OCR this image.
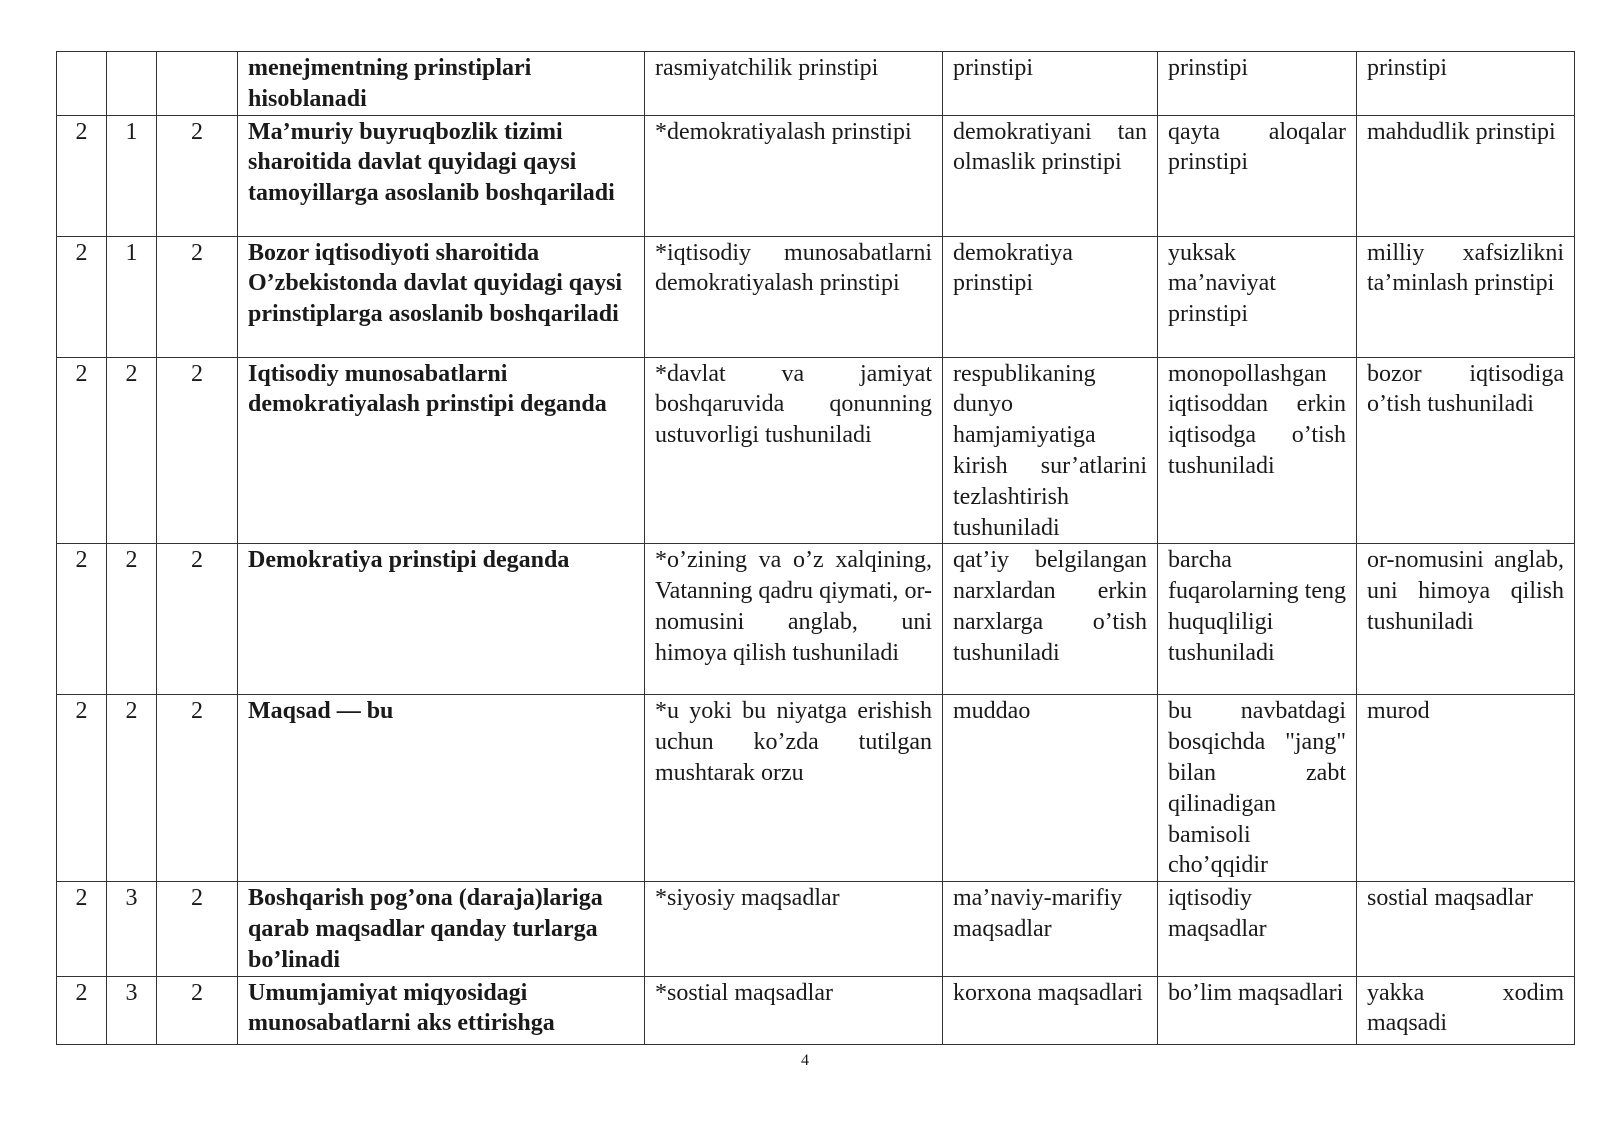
			menejmentning prinstiplari hisoblanadi	rasmiyatchilik prinstipi	prinstipi	prinstipi	prinstipi
2	1	2	Ma’muriy buyruqbozlik tizimi sharoitida davlat quyidagi qaysi tamoyillarga asoslanib boshqariladi	*demokratiyalash prinstipi	demokratiyani tan olmaslik prinstipi	qayta aloqalar prinstipi	mahdudlik prinstipi
2	1	2	Bozor iqtisodiyoti sharoitida O’zbekistonda davlat quyidagi qaysi prinstiplarga asoslanib boshqariladi	*iqtisodiy munosabatlarni demokratiyalash prinstipi	demokratiya prinstipi	yuksak ma’naviyat prinstipi	milliy xafsizlikni ta’minlash prinstipi
2	2	2	Iqtisodiy munosabatlarni demokratiyalash prinstipi deganda	*davlat va jamiyat boshqaruvida qonunning ustuvorligi tushuniladi	respublikaning dunyo hamjamiyatiga kirish sur’atlarini tezlashtirish tushuniladi	monopollashgan iqtisoddan erkin iqtisodga o’tish tushuniladi	bozor iqtisodiga o’tish tushuniladi
2	2	2	Demokratiya prinstipi deganda	*o’zining va o’z xalqining, Vatanning qadru qiymati, or-nomusini anglab, uni himoya qilish tushuniladi	qat’iy belgilangan narxlardan erkin narxlarga o’tish tushuniladi	barcha fuqarolarning teng huquqliligi tushuniladi	or-nomusini anglab, uni himoya qilish tushuniladi
2	2	2	Maqsad — bu	*u yoki bu niyatga erishish uchun ko’zda tutilgan mushtarak orzu	muddao	bu navbatdagi bosqichda "jang" bilan zabt qilinadigan bamisoli cho’qqidir	murod
2	3	2	Boshqarish pog’ona (daraja)lariga qarab maqsadlar qanday turlarga bo’linadi	*siyosiy maqsadlar	ma’naviy-marifiy maqsadlar	iqtisodiy maqsadlar	sostial maqsadlar
2	3	2	Umumjamiyat miqyosidagi munosabatlarni aks ettirishga	*sostial maqsadlar	korxona maqsadlari	bo’lim maqsadlari	yakka xodim maqsadi
4
